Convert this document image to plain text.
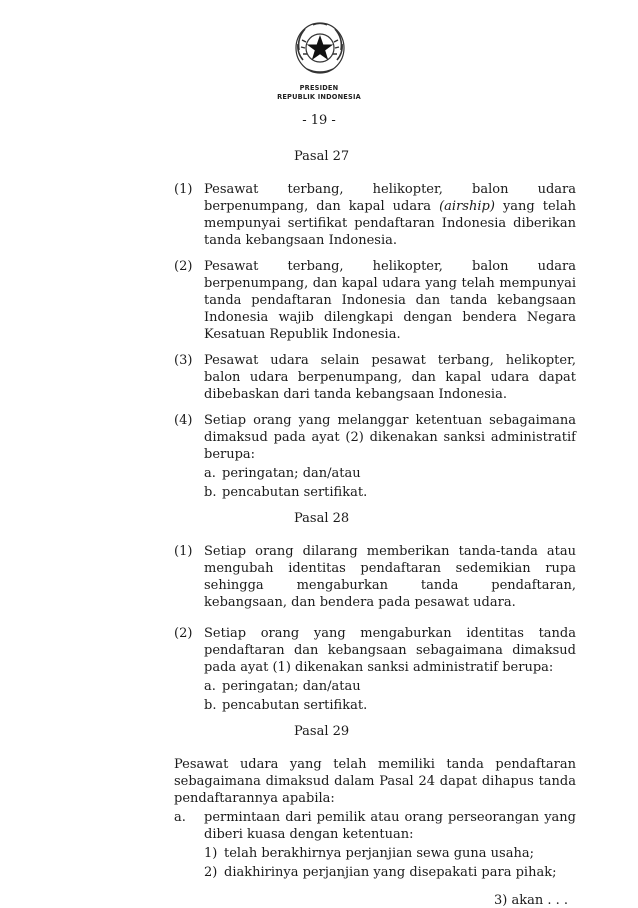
PRESIDEN
REPUBLIK INDONESIA
- 19 -
Pasal 27
(1) Pesawat terbang, helikopter, balon udara berpenumpang, dan kapal udara (airship) yang telah mempunyai sertifikat pendaftaran Indonesia diberikan tanda kebangsaan Indonesia.
(2) Pesawat terbang, helikopter, balon udara berpenumpang, dan kapal udara yang telah mempunyai tanda pendaftaran Indonesia dan tanda kebangsaan Indonesia wajib dilengkapi dengan bendera Negara Kesatuan Republik Indonesia.
(3) Pesawat udara selain pesawat terbang, helikopter, balon udara berpenumpang, dan kapal udara dapat dibebaskan dari tanda kebangsaan Indonesia.
(4) Setiap orang yang melanggar ketentuan sebagaimana dimaksud pada ayat (2) dikenakan sanksi administratif berupa:
a. peringatan; dan/atau
b. pencabutan sertifikat.
Pasal 28
(1) Setiap orang dilarang memberikan tanda-tanda atau mengubah identitas pendaftaran sedemikian rupa sehingga mengaburkan tanda pendaftaran, kebangsaan, dan bendera pada pesawat udara.
(2) Setiap orang yang mengaburkan identitas tanda pendaftaran dan kebangsaan sebagaimana dimaksud pada ayat (1) dikenakan sanksi administratif berupa:
a. peringatan; dan/atau
b. pencabutan sertifikat.
Pasal 29
Pesawat udara yang telah memiliki tanda pendaftaran sebagaimana dimaksud dalam Pasal 24 dapat dihapus tanda pendaftarannya apabila:
a.	permintaan dari pemilik atau orang perseorangan yang diberi kuasa dengan ketentuan:
1) telah berakhirnya perjanjian sewa guna usaha;
2) diakhirinya perjanjian yang disepakati para pihak;
3) akan . . .
